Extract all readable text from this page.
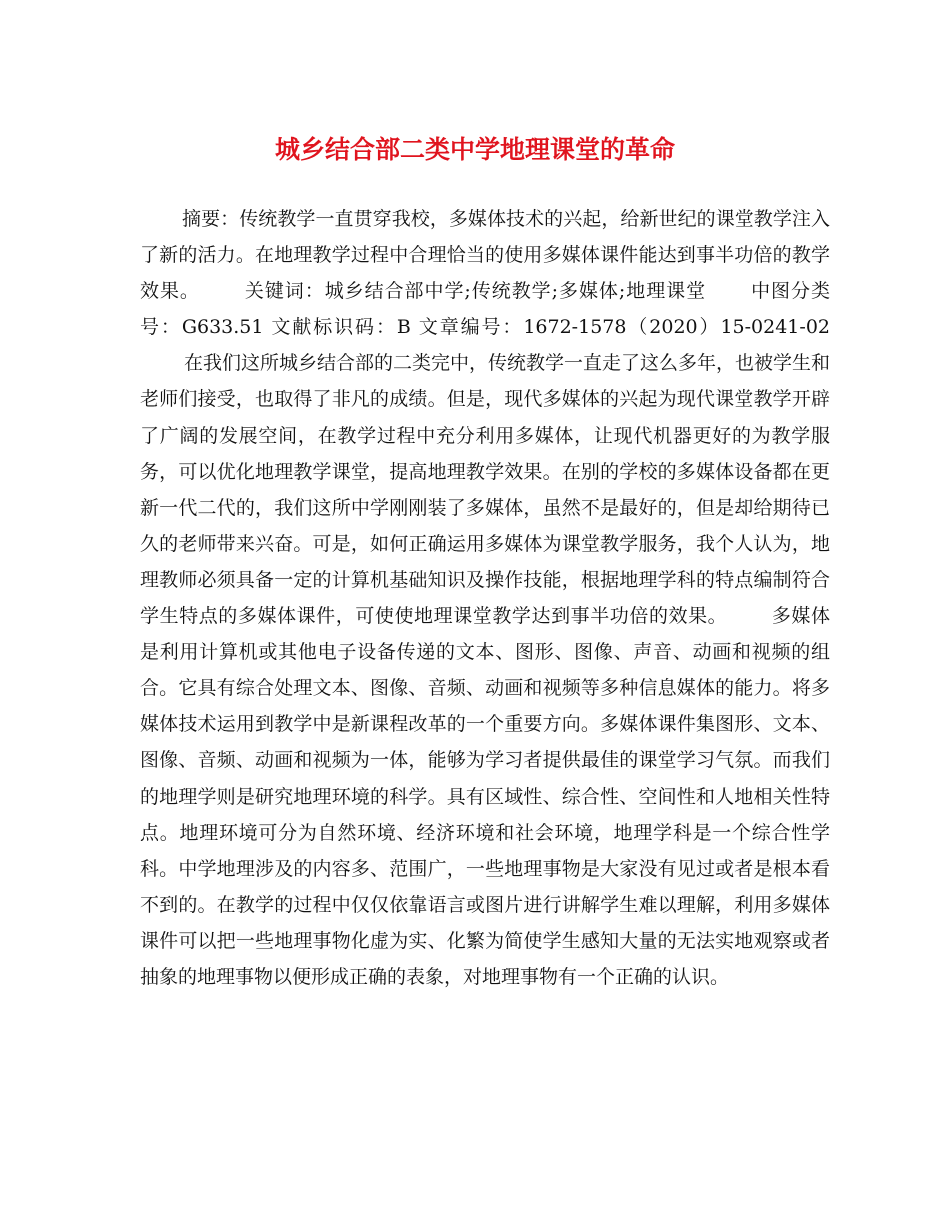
城乡结合部二类中学地理课堂的革命

摘要：传统教学一直贯穿我校，多媒体技术的兴起，给新世纪的课堂教学注入了新的活力。在地理教学过程中合理恰当的使用多媒体课件能达到事半功倍的教学效果。 关键词：城乡结合部中学;传统教学;多媒体;地理课堂 中图分类号：G633.51 文献标识码：B 文章编号：1672-1578（2020）15-0241-02在我们这所城乡结合部的二类完中，传统教学一直走了这么多年，也被学生和老师们接受，也取得了非凡的成绩。但是，现代多媒体的兴起为现代课堂教学开辟了广阔的发展空间，在教学过程中充分利用多媒体，让现代机器更好的为教学服务，可以优化地理教学课堂，提高地理教学效果。在别的学校的多媒体设备都在更新一代二代的，我们这所中学刚刚装了多媒体，虽然不是最好的，但是却给期待已久的老师带来兴奋。可是，如何正确运用多媒体为课堂教学服务，我个人认为，地理教师必须具备一定的计算机基础知识及操作技能，根据地理学科的特点编制符合学生特点的多媒体课件，可使使地理课堂教学达到事半功倍的效果。 多媒体是利用计算机或其他电子设备传递的文本、图形、图像、声音、动画和视频的组合。它具有综合处理文本、图像、音频、动画和视频等多种信息媒体的能力。将多媒体技术运用到教学中是新课程改革的一个重要方向。多媒体课件集图形、文本、图像、音频、动画和视频为一体，能够为学习者提供最佳的课堂学习气氛。而我们的地理学则是研究地理环境的科学。具有区域性、综合性、空间性和人地相关性特点。地理环境可分为自然环境、经济环境和社会环境，地理学科是一个综合性学科。中学地理涉及的内容多、范围广，一些地理事物是大家没有见过或者是根本看不到的。在教学的过程中仅仅依靠语言或图片进行讲解学生难以理解，利用多媒体课件可以把一些地理事物化虚为实、化繁为简使学生感知大量的无法实地观察或者抽象的地理事物以便形成正确的表象，对地理事物有一个正确的认识。
